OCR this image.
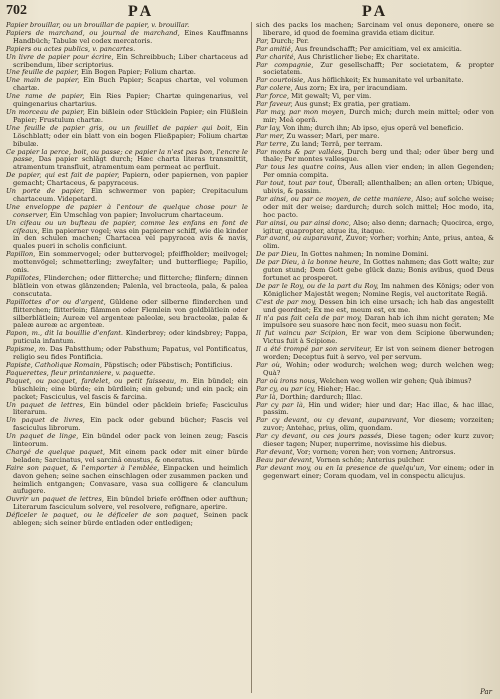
702	PA	PA

Papier brouillar, ou un brouillar de papier, v. brouillar.

Papiers de marchand, ou journal de marchand, Eines Kauffmanns Handbüch; Tabulæ vel codex mercatoris.

Papiers ou actes publics, v. pancartes.

Un livre de papier pour écrire, Ein Schreibbuch; Liber chartaceus ad scribendum, liber scriptorius.

Une feuille de papier, Ein Bogen Papier; Folium chartæ.

Une main de papier, Ein Buch Papier; Scapus chartæ, vel volumen chartæ.

Une rame de papier, Ein Ries Papier; Chartæ quingenarius, vel quingenarius chartarius.

Un morceau de papier, Ein bißlein oder Stücklein Papier; ein Flüßlein Papier; Frustulum chartæ.

Une feuille de papier gris, ou un feuillet de papier qui boit, Ein Löschblatt; oder ein blatt von ein bogen Fließpapier; Folium chartæ bibulæ.

Ce papier la perce, boit, ou passe; ce papier la n'est pas bon, l'encre le passe, Das papier schlägt durch; Hæc charta literas transmittit, atramentum transfluit, atramentum eam permeat ac perfluit.

De papier, qui est fait de papier, Papiern, oder papiernen, von papier gemacht; Chartaceus, & papyraceus.

Un porte de papier, Ein schwermer von papier; Crepitaculum chartaceum. Videpetard.

Une enveloppe de papier à l'entour de quelque chose pour le conserver, Ein Umschlag von papier; Involucrum chartaceum.

Un cifeau ou un bufteau de papier, comme les enfans en font de cifeaux, Ein papierner vogel; was ein papierner schiff, wie die kinder in den schulen machen; Chartacea vel papyracea avis & navis, quales pueri in scholis conficiunt.

Papillon, Ein sommervogel; oder buttervogel; pfeiffholder; meilvogel; mottenvögel; schmetterling; zweyfalter; und butterfliege; Papilio, onis.

Papillotes, Flinderchen; oder flitterche; und flitterche; flinfern; dinnen blätlein von etwas glänzenden; Palenla, vel bracteola, pala, & palea conscutata.

Papillottes d'or ou d'argent, Güldene oder silberne flinderchen und flitterchen; flitterlein; flämmen oder Flemlein von goldblätlein oder silberblätlein; Aureæ vel argenteæ paleolæ, seu bracteolæ, palæ & paleæ aureæ ac argenteæ.

Papon, m., dit la bouillie d'enfant. Kinderbrey; oder kindsbrey; Pappa, puticula infantum.

Papisme, m. Das Pabstthum; oder Pabsthum; Papatus, vel Pontificatus, religio seu fides Pontificia.

Papiste, Catholique Romain, Päpstisch; oder Päbstisch; Pontificius.

Paquerettes, fleur printanniere, v. paquette.

Paquet, ou pacquet, fardelet, ou petit faisseau, m. Ein bündel; ein büschlein; eine bürde; ein bürdlein; ein gebund; und ein pack; ein packet; Fasciculus, vel fascis & farcina.

Un paquet de lettres, Ein bündel oder päcklein briefe; Fasciculus literarum.

Un paquet de livres, Ein pack oder gebund bücher; Fascis vel fasciculus librorum.

Un paquet de linge, Ein bündel oder pack von leinen zeug; Fascis linteorum.

Chargé de quelque paquet, Mit einem pack oder mit einer bürde beladen; Sarcinatus, vel sarcinâ onustus, & oneratus.

Faire son paquet, & l'emporter à l'emblée, Einpacken und heimlich davon gehen; seine sachen einschlagen oder zusammen packen und heimlich entgangen; Convasare, vasa sua colligere & clanculum aufugere.

Ouvrir un paquet de lettres, Ein bündel briefe eröffnen oder aufthun; Literarum fasciculum solvere, vel resolvere, refignare, aperire.

Déficeler le paquet, ou le déficeler de son paquet, Seinen pack ablegen; sich seiner bürde entladen oder entledigen;

sich des packs los machen; Sarcinam vel onus deponere, onere se liberare, id quod de foemina gravida etiam dicitur.

Par, Durch; Per.

Par amitié, Aus freundschafft; Per amicitiam, vel ex amicitia.

Par charité, Aus Christlicher liebe; Ex charitate.

Par compagnie, Zur gesellschafft; Per societatem, & propter societatem.

Par courtoisie, Aus höflichkeit; Ex humanitate vel urbanitate.

Par colere, Aus zorn; Ex ira, per iracundiam.

Par force, Mit gewalt; Vi, per vim.

Par faveur, Aus gunst; Ex gratia, per gratiam.

Par may, par mon moyen, Durch mich; durch mein mittel; oder von mir; Meâ operâ.

Par lay, Von ihm; durch ihn; Ab ipso, ejus operâ vel beneficio.

Par mer, Zu wasser; Mari, per mare.

Par terre, Zu land; Terrâ, per terram.

Par monts & par vallées, Durch berg und thal; oder über berg und thale; Per montes vallesque.

Par tous les quatre coins, Aus allen vier enden; in allen Gegenden; Per omnia compita.

Par tout, tout par tout, Überall; allenthalben; an allen orten; Ubique, ubivis, & passim.

Par ainsi, ou par ce moyen, de cette maniere, Also; auf solche weise; oder mit der weise; dardurch; durch solch mittel; Hoc modo, ita, hoc pacto.

Par ainsi, ou par ainsi donc, Also; also denn; darnach; Quocirca, ergo, igitur, quapropter, atque ita, itaque.

Par avant, ou auparavant, Zuvor; vorher; vorhin; Ante, prius, antea, & olim.

De par Dieu, In Gottes nahmen; In nomine Domini.

De par Dieu, à la bonne heure, In Gottes nahmen; das Gott walte; zur guten stund; Dem Gott gebe glück dazu; Bonis avibus, quod Deus fortunet ac prosperet.

De par le Roy, ou de la part du Roy, Im nahmen des Königs; oder von Königlicher Majestät wegen; Nomine Regis, vel auctoritate Regiâ.

C'est de par moy, Dessen bin ich eine ursach; ich hab das angestellt und geordnet; Ex me est, meum est, ex me.

Il n'a pas fait cela de par moy, Daran hab ich ihm nicht geraten; Me impulsore seu suasore hæc non fecit, meo suasu non fecit.

Il fut vaincu par Scipion, Er war von dem Scipione überwunden; Victus fuit à Scipione.

Il a été trompé par son serviteur, Er ist von seinem diener betrogen worden; Deceptus fuit à servo, vel per servum.

Par où, Wohin; oder wodurch; welchen weg; durch welchen weg; Quà?

Par où irons nous, Welchen weg wollen wir gehen; Quà ibimus?

Par cy, ou par icy, Hieher; Hac.

Par là, Dorthin; dardurch; Illac.

Par cy par là, Hin und wider; hier und dar; Hac illac, & hac illac, passim.

Par cy devant, ou cy devant, auparavant, Vor diesem; vorzeiten; zuvor; Antehac, prius, olim, quondam.

Par cy devant, ou ces jours passés, Diese tagen; oder kurz zuvor; dieser tagen; Nuper, nuperrime, novissime his diebus.

Par devant, Vor; vornen; voren her; von vornen; Antrorsus.

Beau par devant, Vornen schön; Anterius pulcher.

Par devant moy, ou en la presence de quelqu'un, Vor einem; oder in gegenwart einer; Coram quodam, vel in conspectu alicujus.

Par
